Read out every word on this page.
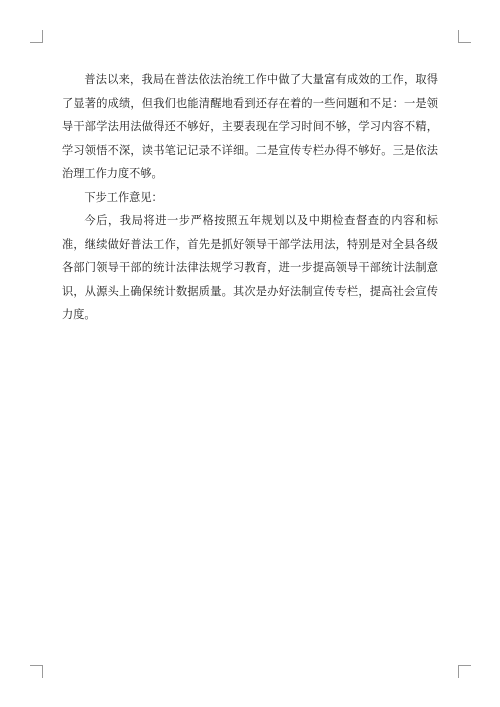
普法以来，我局在普法依法治统工作中做了大量富有成效的工作，取得了显著的成绩，但我们也能清醒地看到还存在着的一些问题和不足：一是领导干部学法用法做得还不够好，主要表现在学习时间不够，学习内容不精，学习领悟不深，读书笔记记录不详细。二是宣传专栏办得不够好。三是依法治理工作力度不够。

下步工作意见：

今后，我局将进一步严格按照五年规划以及中期检查督查的内容和标准，继续做好普法工作，首先是抓好领导干部学法用法，特别是对全县各级各部门领导干部的统计法律法规学习教育，进一步提高领导干部统计法制意识，从源头上确保统计数据质量。其次是办好法制宣传专栏，提高社会宣传力度。
